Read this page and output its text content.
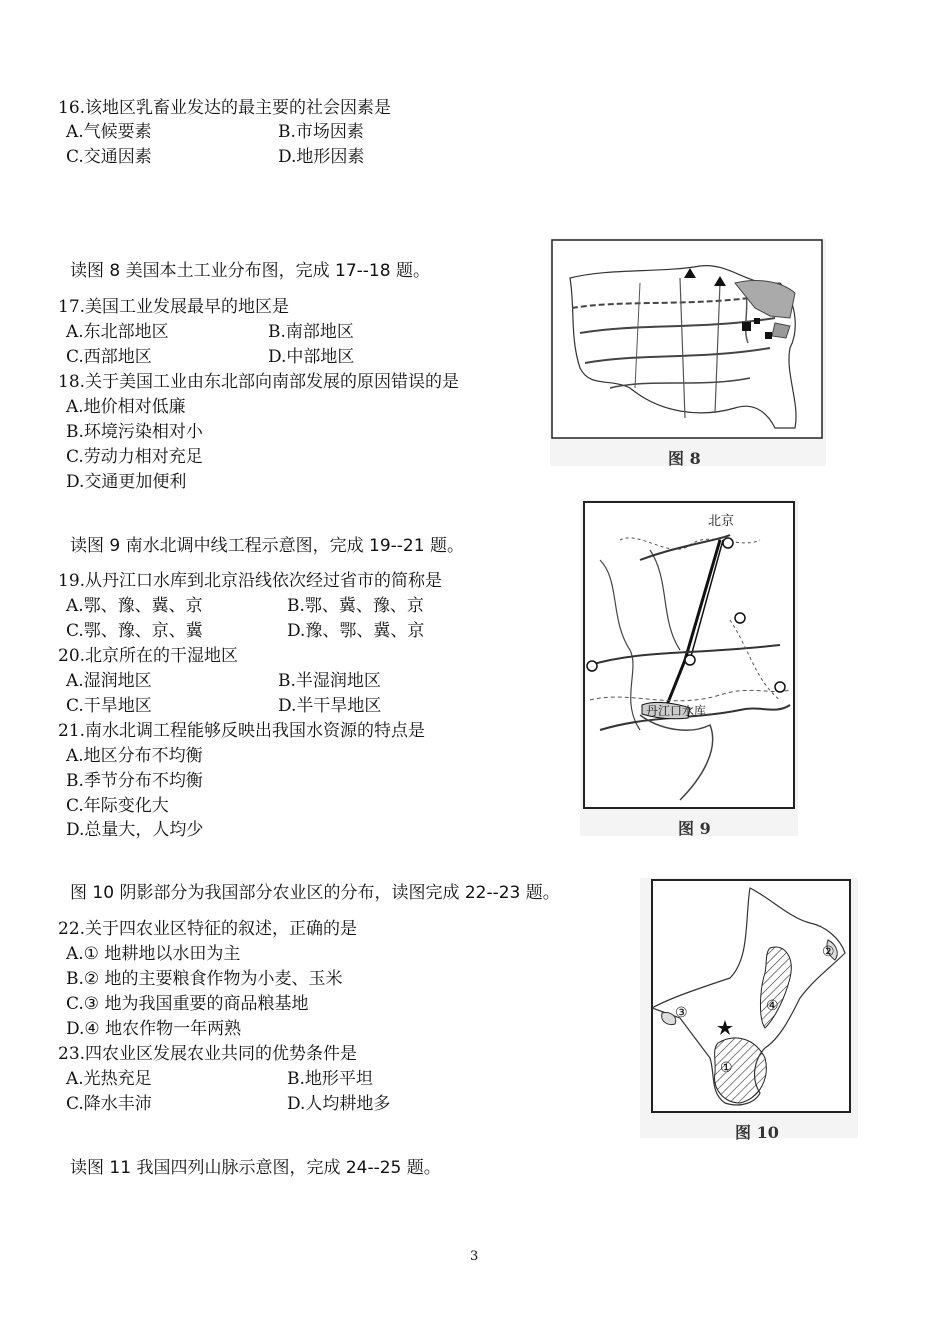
16.该地区乳畜业发达的最主要的社会因素是
A.气候要素	B.市场因素
C.交通因素	D.地形因素
读图 8 美国本土工业分布图，完成 17--18 题。
17.美国工业发展最早的地区是
A.东北部地区	B.南部地区
C.西部地区	D.中部地区
18.关于美国工业由东北部向南部发展的原因错误的是
A.地价相对低廉
B.环境污染相对小
C.劳动力相对充足
D.交通更加便利
图 8
读图 9 南水北调中线工程示意图，完成 19--21 题。
19.从丹江口水库到北京沿线依次经过省市的简称是
A.鄂、豫、冀、京	B.鄂、冀、豫、京
C.鄂、豫、京、冀	D.豫、鄂、冀、京
20.北京所在的干湿地区
A.湿润地区	B.半湿润地区
C.干旱地区	D.半干旱地区
21.南水北调工程能够反映出我国水资源的特点是
A.地区分布不均衡
B.季节分布不均衡
C.年际变化大
D.总量大，人均少
北京
丹江口水库
图 9
图 10 阴影部分为我国部分农业区的分布，读图完成 22--23 题。
22.关于四农业区特征的叙述，正确的是
A.① 地耕地以水田为主
B.② 地的主要粮食作物为小麦、玉米
C.③ 地为我国重要的商品粮基地
D.④ 地农作物一年两熟
23.四农业区发展农业共同的优势条件是
A.光热充足	B.地形平坦
C.降水丰沛	D.人均耕地多
①
②
③	④
图 10
读图 11 我国四列山脉示意图，完成 24--25 题。
3
